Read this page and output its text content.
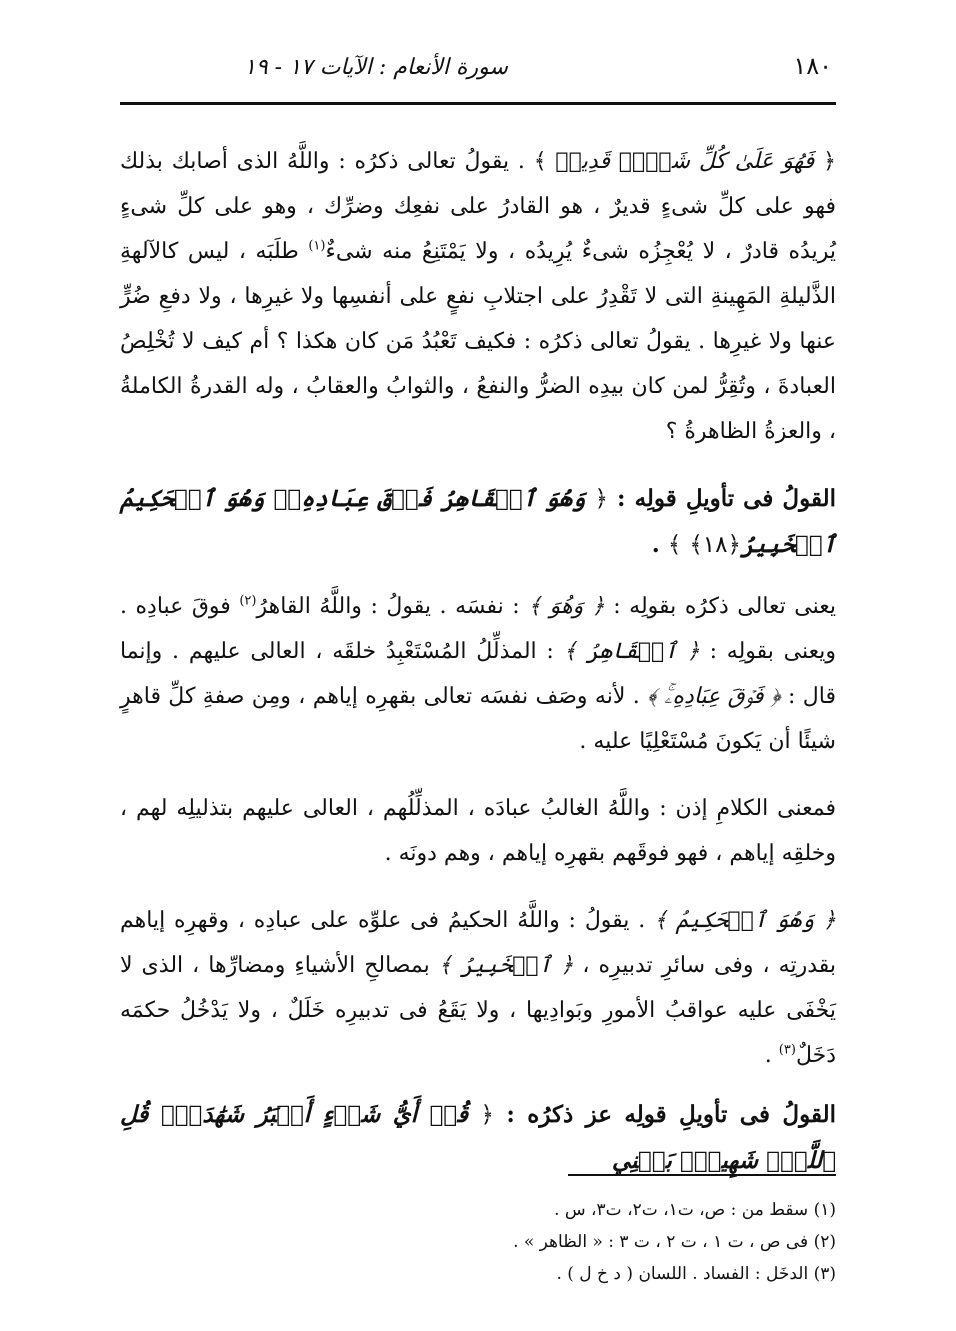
١٨٠
سورة الأنعام : الآيات ١٧ - ١٩

﴿ فَهُوَ عَلَىٰ كُلِّ شَيۡءٖ قَدِيرٞ ﴾ . يقولُ تعالى ذكرُه : واللَّهُ الذى أصابك بذلك فهو على كلِّ شىءٍ قديرٌ ، هو القادرُ على نفعِك وضرِّك ، وهو على كلِّ شىءٍ يُريدُه قادرٌ ، لا يُعْجِزُه شىءٌ يُرِيدُه ، ولا يَمْتَنِعُ منه شىءٌ$^{(١)}$ طلَبَه ، ليس كالآلهةِ الذَّليلةِ المَهِينةِ التى لا تَقْدِرُ على اجتلابِ نفعٍ على أنفسِها ولا غيرِها ، ولا دفعِ ضُرٍّ عنها ولا غيرِها . يقولُ تعالى ذكرُه : فكيف تَعْبُدُ مَن كان هكذا ؟ أم كيف لا تُخْلِصُ العبادةَ ، وتُقِرُّ لمن كان بيدِه الضرُّ والنفعُ ، والثوابُ والعقابُ ، وله القدرةُ الكاملةُ ، والعزةُ الظاهرةُ ؟

القولُ فى تأويلِ قولِه : ﴿ وَهُوَ ٱلۡقَاهِرُ فَوۡقَ عِبَادِهِۦۚ وَهُوَ ٱلۡحَكِيمُ ٱلۡخَبِيرُ﴿١٨﴾ ﴾ .

يعنى تعالى ذكرُه بقولِه : ﴿ وَهُوَ ﴾ : نفسَه . يقولُ : واللَّهُ القاهرُ$^{(٢)}$ فوقَ عبادِه . ويعنى بقولِه : ﴿ ٱلۡقَاهِرُ ﴾ : المذلِّلُ المُسْتَعْبِدُ خلقَه ، العالى عليهم . وإنما قال : ﴿ فَوۡقَ عِبَادِهِۦۚ ﴾ . لأنه وصَف نفسَه تعالى بقهرِه إياهم ، ومِن صفةِ كلِّ قاهرٍ شيئًا أن يَكونَ مُسْتَعْلِيًا عليه .

فمعنى الكلامِ إذن : واللَّهُ الغالبُ عبادَه ، المذلِّلُهم ، العالى عليهم بتذليلِه لهم ، وخلقِه إياهم ، فهو فوقَهم بقهرِه إياهم ، وهم دونَه .

﴿ وَهُوَ ٱلۡحَكِيمُ ﴾ . يقولُ : واللَّهُ الحكيمُ فى علوِّه على عبادِه ، وقهرِه إياهم بقدرتِه ، وفى سائرِ تدبيرِه ، ﴿ ٱلۡخَبِيرُ ﴾ بمصالحِ الأشياءِ ومضارِّها ، الذى لا يَخْفَى عليه عواقبُ الأمورِ وبَوادِيها ، ولا يَقَعُ فى تدبيرِه خَلَلٌ ، ولا يَدْخُلُ حكمَه دَخَلٌ$^{(٣)}$ .

القولُ فى تأويلِ قولِه عز ذكرُه : ﴿ قُلۡ أَيُّ شَيۡءٍ أَكۡبَرُ شَهَٰدَةٗۖ قُلِ ٱللَّهُۖ شَهِيدُۢ بَيۡنِي

(١) سقط من : ص، ت١، ت٢، ت٣، س .

(٢) فى ص ، ت ١ ، ت ٢ ، ت ٣ : « الظاهر » .

(٣) الدخَل : الفساد . اللسان ( د خ ل ) .
